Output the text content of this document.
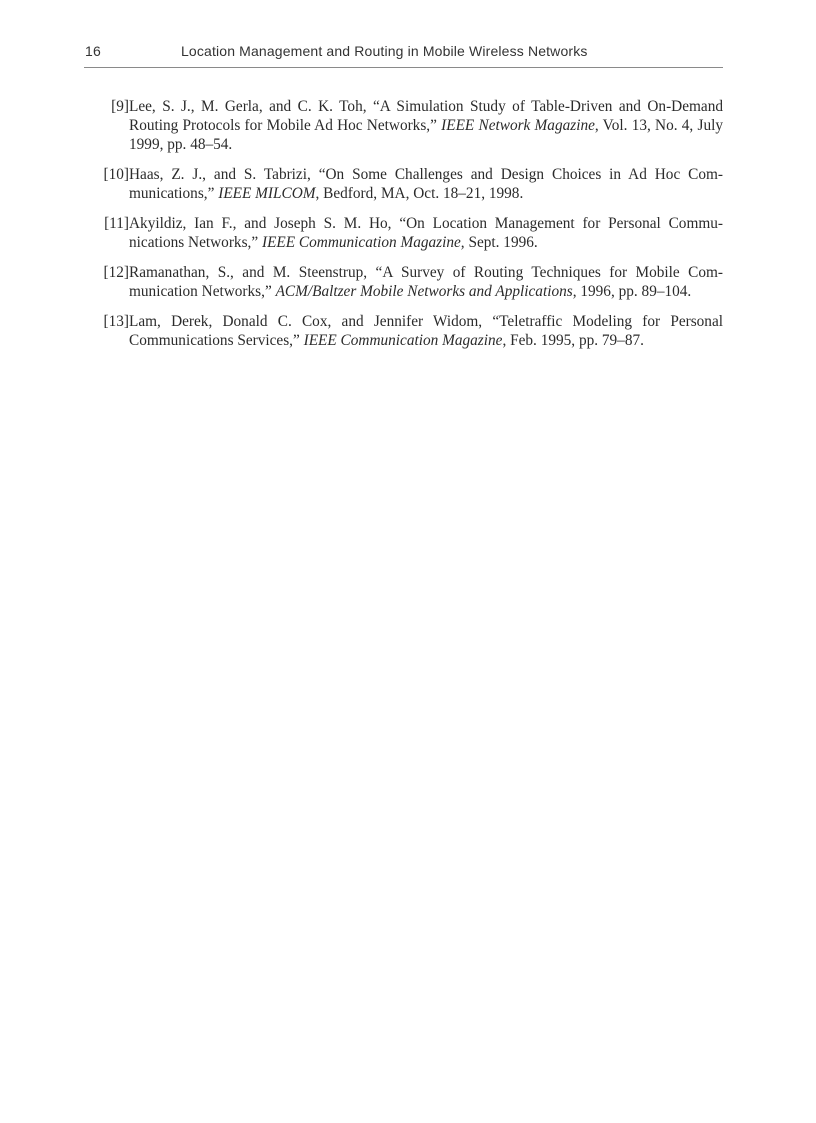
16	Location Management and Routing in Mobile Wireless Networks
[9] Lee, S. J., M. Gerla, and C. K. Toh, “A Simulation Study of Table-Driven and On-Demand Routing Protocols for Mobile Ad Hoc Networks,” IEEE Network Magazine, Vol. 13, No. 4, July 1999, pp. 48–54.
[10] Haas, Z. J., and S. Tabrizi, “On Some Challenges and Design Choices in Ad Hoc Com-munications,” IEEE MILCOM, Bedford, MA, Oct. 18–21, 1998.
[11] Akyildiz, Ian F., and Joseph S. M. Ho, “On Location Management for Personal Commu-nications Networks,” IEEE Communication Magazine, Sept. 1996.
[12] Ramanathan, S., and M. Steenstrup, “A Survey of Routing Techniques for Mobile Com-munication Networks,” ACM/Baltzer Mobile Networks and Applications, 1996, pp. 89–104.
[13] Lam, Derek, Donald C. Cox, and Jennifer Widom, “Teletraffic Modeling for Personal Communications Services,” IEEE Communication Magazine, Feb. 1995, pp. 79–87.
